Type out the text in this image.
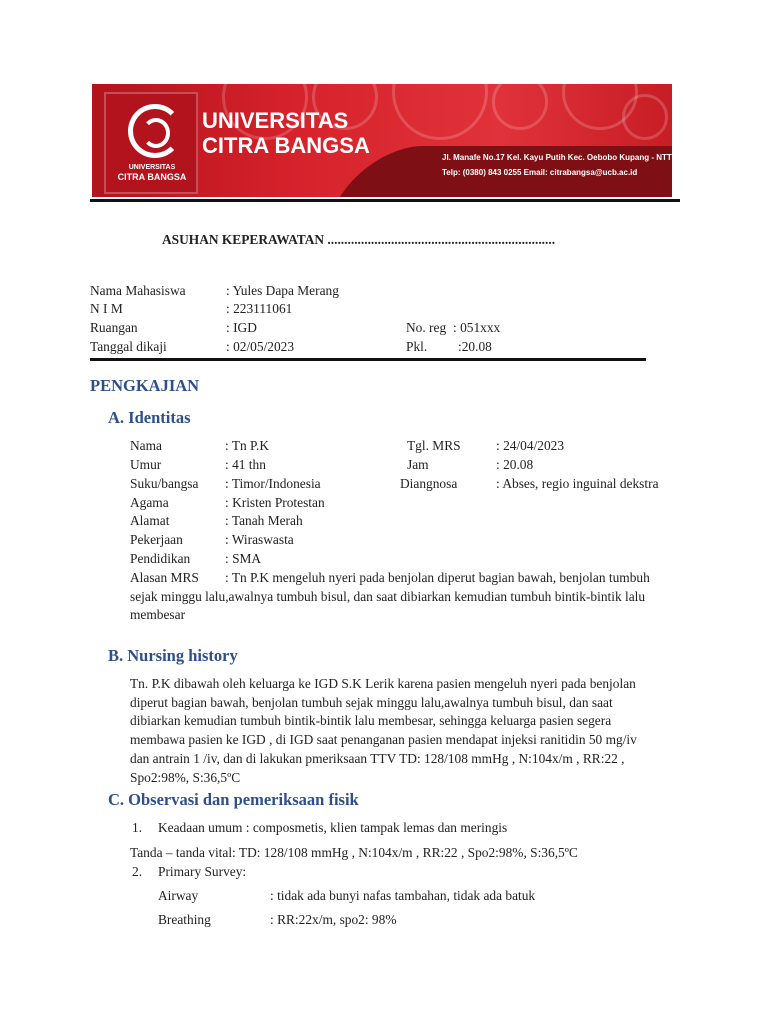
UNIVERSITAS
CITRA BANGSA
UNIVERSITAS
CITRA BANGSA	Jl. Manafe No.17 Kel. Kayu Putih Kec. Oebobo Kupang - NTT
Telp: (0380) 843 0255 Email: citrabangsa@ucb.ac.id
ASUHAN KEPERAWATAN ....................................................................
Nama Mahasiswa	: Yules Dapa Merang
N I M	: 223111061
Ruangan	: IGD	No. reg : 051xxx
Tanggal dikaji	: 02/05/2023	Pkl. :20.08
PENGKAJIAN
A. Identitas
Nama	: Tn P.K	Tgl. MRS	: 24/04/2023
Umur	: 41 thn	Jam	: 20.08
Suku/bangsa : Timor/Indonesia	Diangnosa	: Abses, regio inguinal dekstra
Agama	: Kristen Protestan
Alamat	: Tanah Merah
Pekerjaan	: Wiraswasta
Pendidikan	: SMA
Alasan MRS : Tn P.K mengeluh nyeri pada benjolan diperut bagian bawah, benjolan tumbuh
sejak minggu lalu,awalnya tumbuh bisul, dan saat dibiarkan kemudian tumbuh bintik-bintik lalu
membesar
B. Nursing history
Tn. P.K dibawah oleh keluarga ke IGD S.K Lerik karena pasien mengeluh nyeri pada benjolan
diperut bagian bawah, benjolan tumbuh sejak minggu lalu,awalnya tumbuh bisul, dan saat
dibiarkan kemudian tumbuh bintik-bintik lalu membesar, sehingga keluarga pasien segera
membawa pasien ke IGD , di IGD saat penanganan pasien mendapat injeksi ranitidin 50 mg/iv
dan antrain 1 /iv, dan di lakukan pmeriksaan TTV TD: 128/108 mmHg , N:104x/m , RR:22 ,
Spo2:98%, S:36,5ºC
C. Observasi dan pemeriksaan fisik
1. Keadaan umum : composmetis, klien tampak lemas dan meringis
Tanda – tanda vital: TD: 128/108 mmHg , N:104x/m , RR:22 , Spo2:98%, S:36,5ºC
2. Primary Survey:
Airway	: tidak ada bunyi nafas tambahan, tidak ada batuk
Breathing	: RR:22x/m, spo2: 98%
